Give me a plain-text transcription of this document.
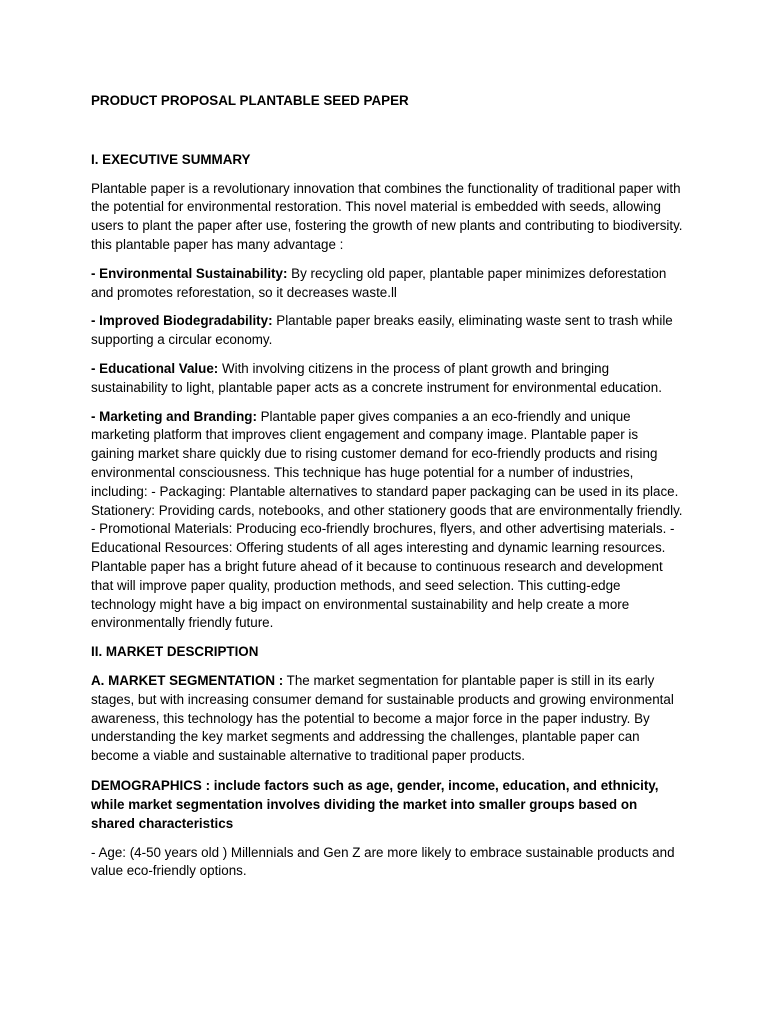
PRODUCT PROPOSAL PLANTABLE SEED PAPER

I. EXECUTIVE SUMMARY

Plantable paper is a revolutionary innovation that combines the functionality of traditional paper with the potential for environmental restoration. This novel material is embedded with seeds, allowing users to plant the paper after use, fostering the growth of new plants and contributing to biodiversity. this plantable paper has many advantage :

- Environmental Sustainability: By recycling old paper, plantable paper minimizes deforestation and promotes reforestation, so it decreases waste.ll

- Improved Biodegradability: Plantable paper breaks easily, eliminating waste sent to trash while supporting a circular economy.

- Educational Value: With involving citizens in the process of plant growth and bringing sustainability to light, plantable paper acts as a concrete instrument for environmental education.

- Marketing and Branding: Plantable paper gives companies a an eco-friendly and unique marketing platform that improves client engagement and company image. Plantable paper is gaining market share quickly due to rising customer demand for eco-friendly products and rising environmental consciousness. This technique has huge potential for a number of industries, including: - Packaging: Plantable alternatives to standard paper packaging can be used in its place. Stationery: Providing cards, notebooks, and other stationery goods that are environmentally friendly. - Promotional Materials: Producing eco-friendly brochures, flyers, and other advertising materials. - Educational Resources: Offering students of all ages interesting and dynamic learning resources. Plantable paper has a bright future ahead of it because to continuous research and development that will improve paper quality, production methods, and seed selection. This cutting-edge technology might have a big impact on environmental sustainability and help create a more environmentally friendly future.

II. MARKET DESCRIPTION

A. MARKET SEGMENTATION : The market segmentation for plantable paper is still in its early stages, but with increasing consumer demand for sustainable products and growing environmental awareness, this technology has the potential to become a major force in the paper industry. By understanding the key market segments and addressing the challenges, plantable paper can become a viable and sustainable alternative to traditional paper products.

DEMOGRAPHICS : include factors such as age, gender, income, education, and ethnicity, while market segmentation involves dividing the market into smaller groups based on shared characteristics

- Age: (4-50 years old ) Millennials and Gen Z are more likely to embrace sustainable products and value eco-friendly options.
